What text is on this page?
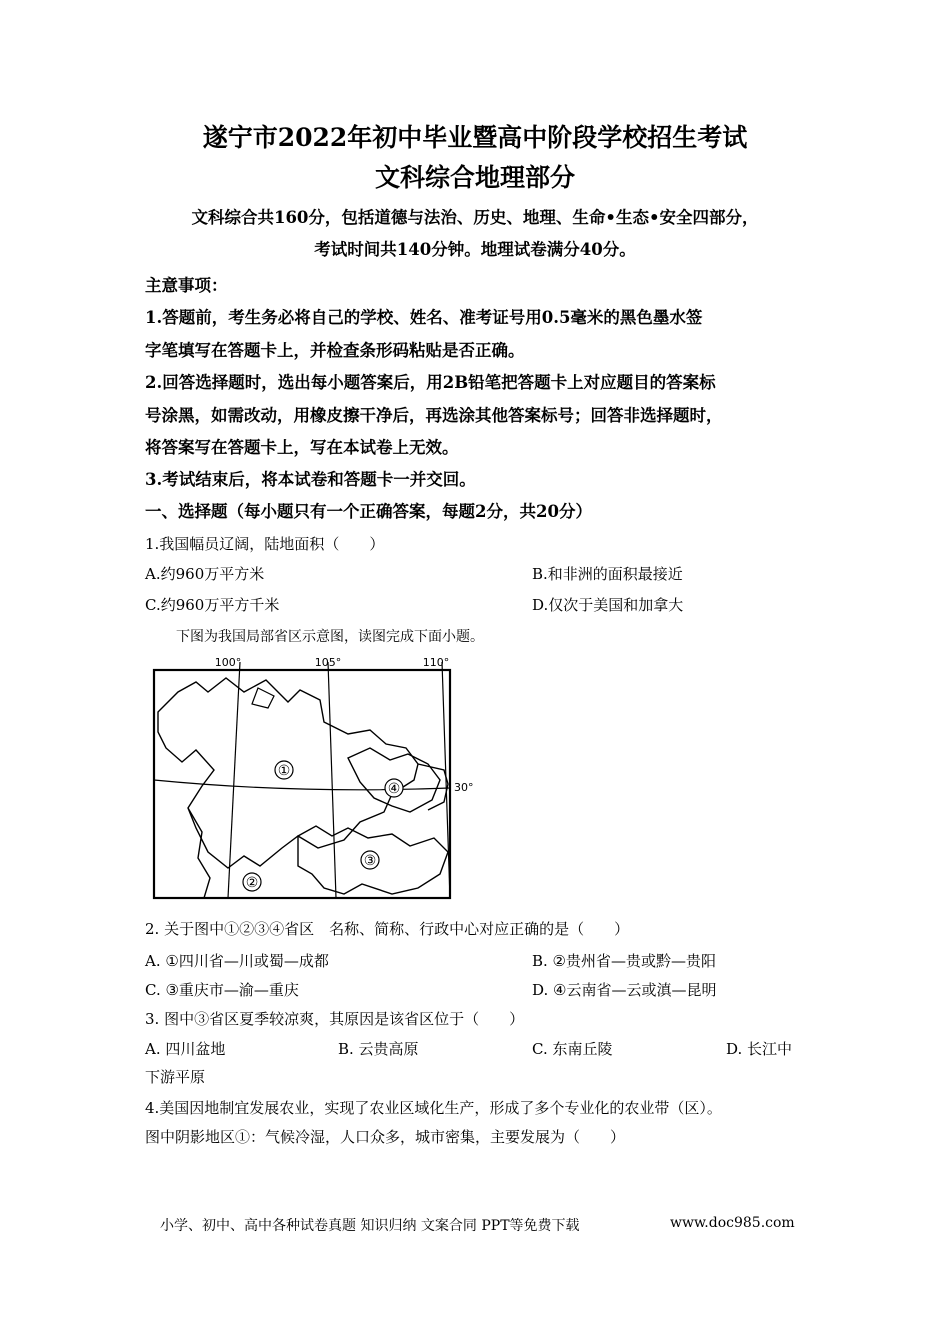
遂宁市2022年初中毕业暨高中阶段学校招生考试
文科综合地理部分
文科综合共160分，包括道德与法治、历史、地理、生命•生态•安全四部分，
考试时间共140分钟。地理试卷满分40分。
主意事项：
1.答题前，考生务必将自己的学校、姓名、准考证号用0.5毫米的黑色墨水签
字笔填写在答题卡上，并检查条形码粘贴是否正确。
2.回答选择题时，选出每小题答案后，用2B铅笔把答题卡上对应题目的答案标
号涂黑，如需改动，用橡皮擦干净后，再选涂其他答案标号；回答非选择题时，
将答案写在答题卡上，写在本试卷上无效。
3.考试结束后，将本试卷和答题卡一并交回。
一、选择题（每小题只有一个正确答案，每题2分，共20分）
1.我国幅员辽阔，陆地面积（　　）
A.约960万平方米	B.和非洲的面积最接近
C.约960万平方千米	D.仅次于美国和加拿大
下图为我国局部省区示意图，读图完成下面小题。
100°	105°	110°
30°
①
②
③
④
2. 关于图中①②③④省区　名称、简称、行政中心对应正确的是（　　）
A. ①四川省—川或蜀—成都	B. ②贵州省—贵或黔—贵阳
C. ③重庆市—渝—重庆	D. ④云南省—云或滇—昆明
3. 图中③省区夏季较凉爽，其原因是该省区位于（　　）
A. 四川盆地	B. 云贵高原	C. 东南丘陵	D. 长江中
下游平原
4.美国因地制宜发展农业，实现了农业区域化生产，形成了多个专业化的农业带（区）。
图中阴影地区①：气候冷湿，人口众多，城市密集，主要发展为（　　）
小学、初中、高中各种试卷真题 知识归纳 文案合同 PPT等免费下载	www.doc985.com
